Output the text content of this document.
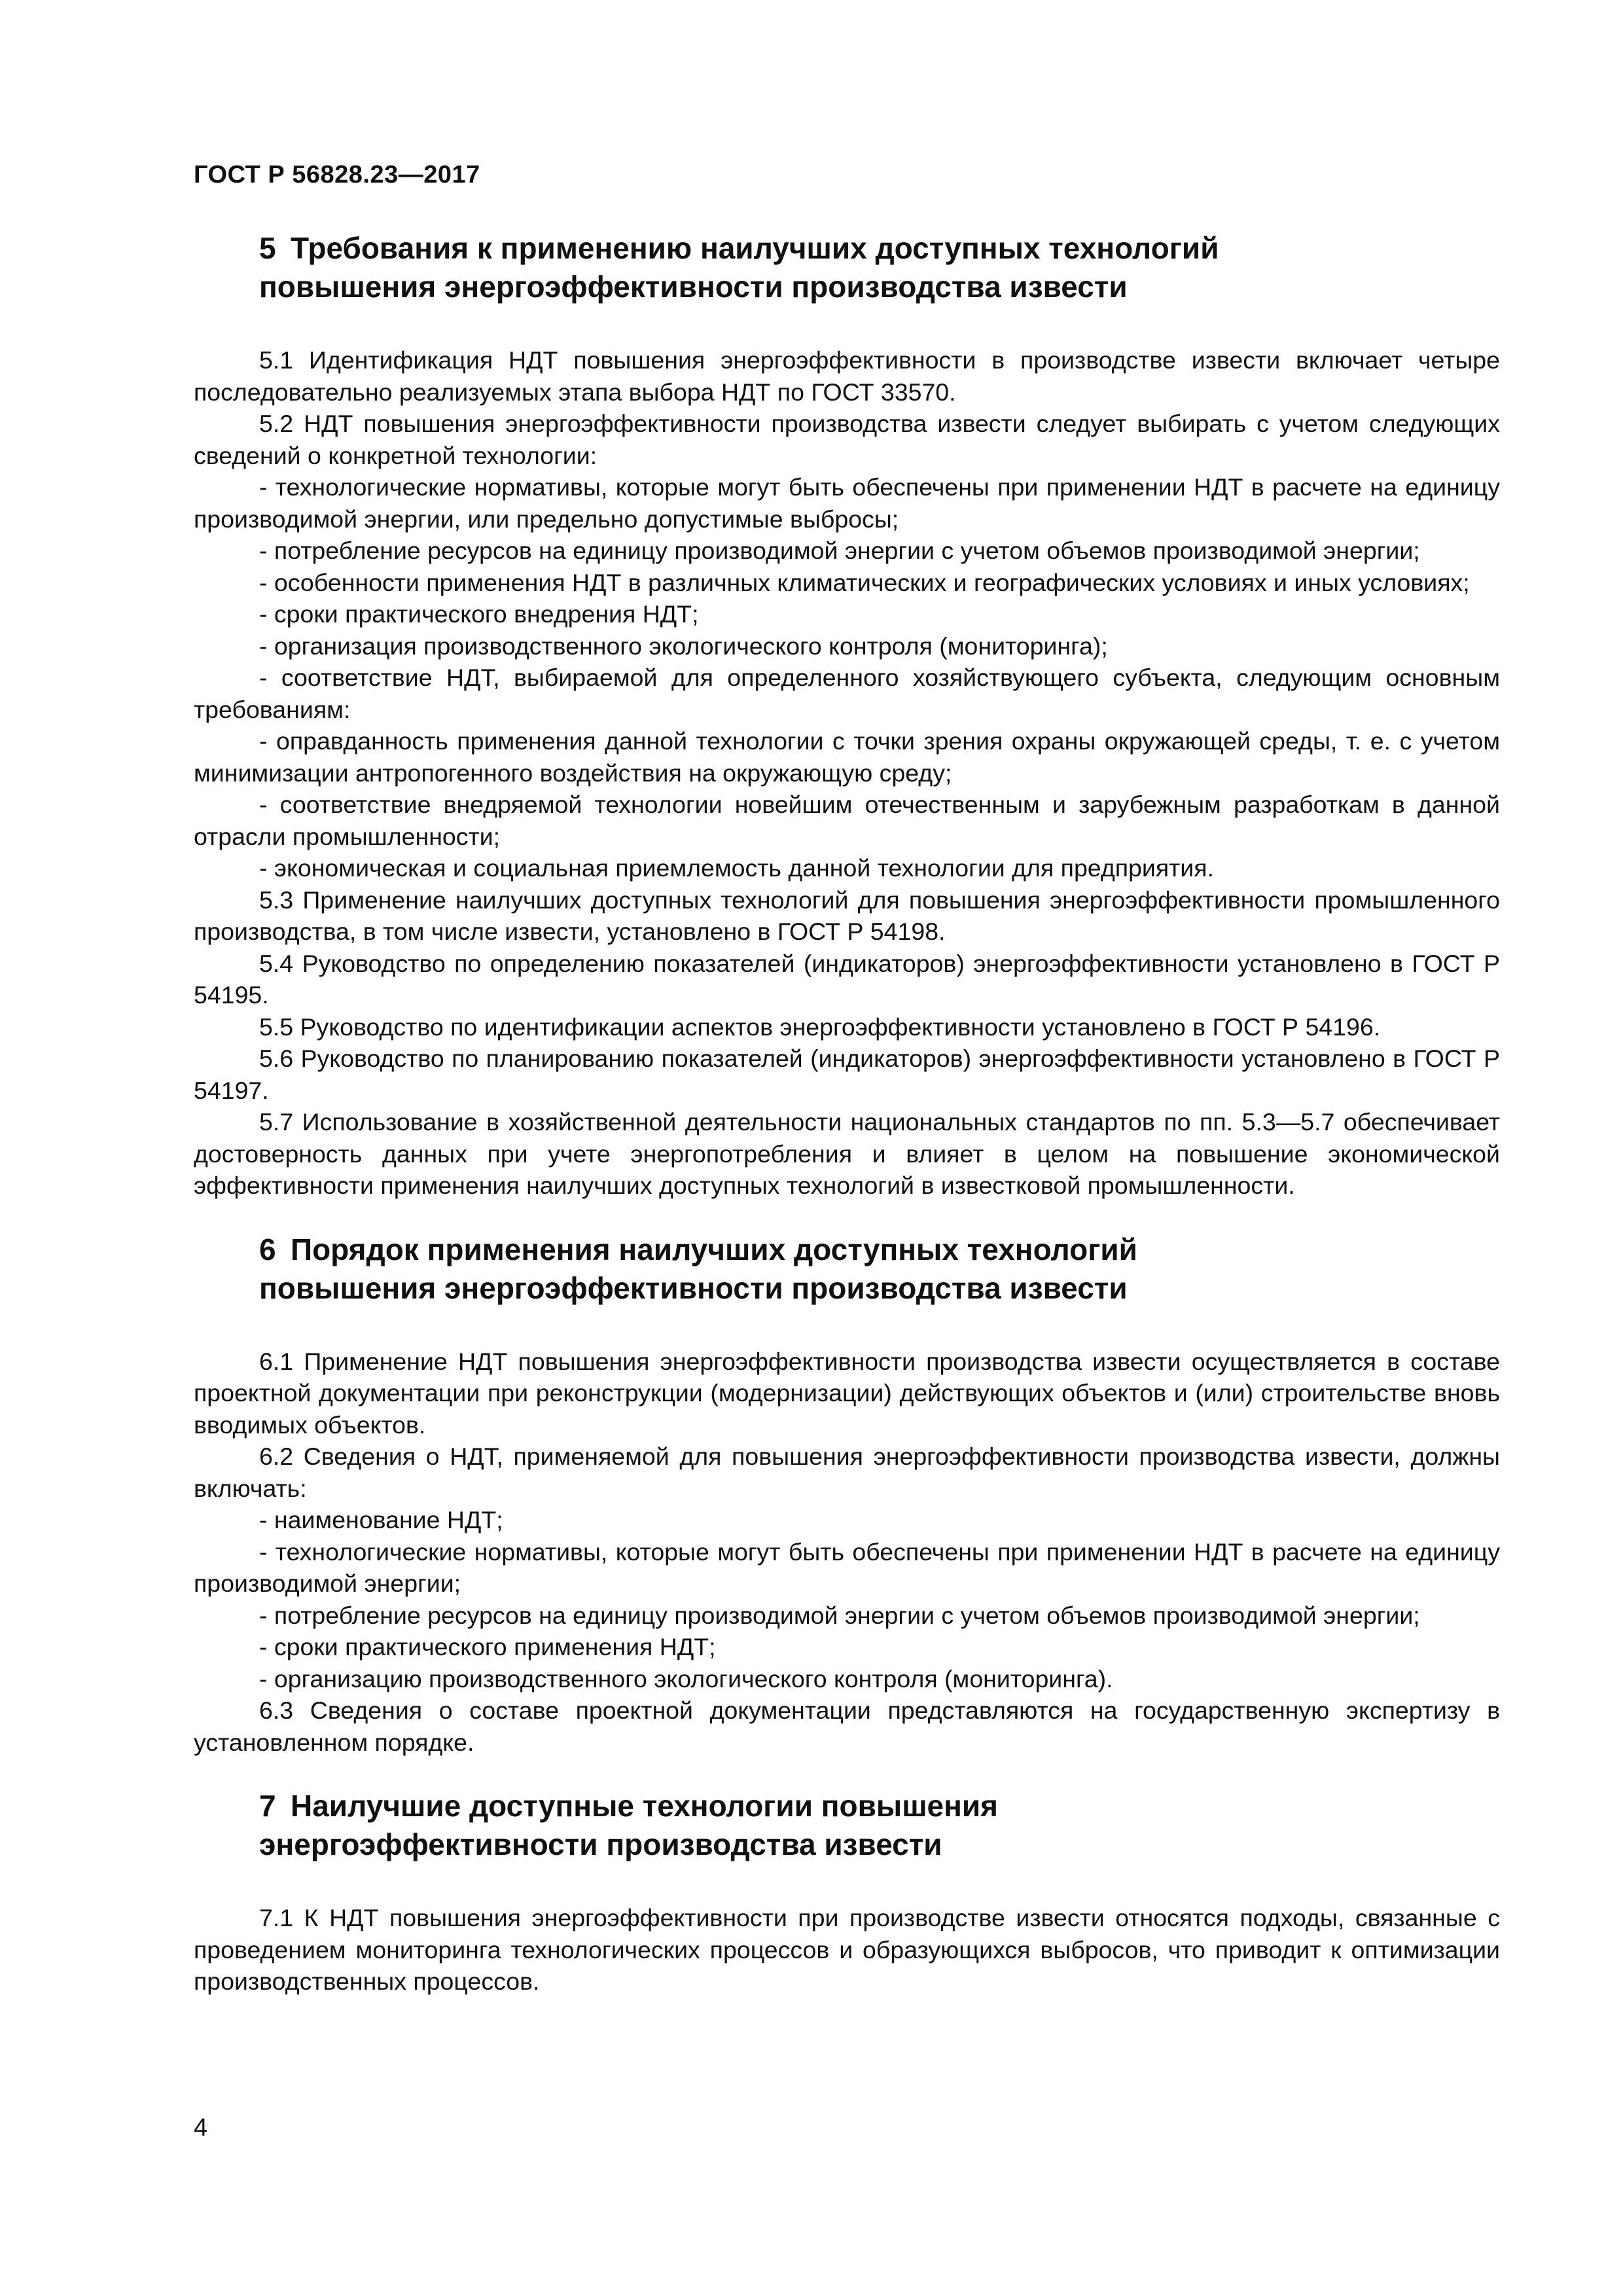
ГОСТ Р 56828.23—2017
5 Требования к применению наилучших доступных технологий
повышения энергоэффективности производства извести

5.1 Идентификация НДТ повышения энергоэффективности в производстве извести включает четыре последовательно реализуемых этапа выбора НДТ по ГОСТ 33570.

5.2 НДТ повышения энергоэффективности производства извести следует выбирать с учетом следующих сведений о конкретной технологии:

- технологические нормативы, которые могут быть обеспечены при применении НДТ в расчете на единицу производимой энергии, или предельно допустимые выбросы;

- потребление ресурсов на единицу производимой энергии с учетом объемов производимой энергии;

- особенности применения НДТ в различных климатических и географических условиях и иных условиях;

- сроки практического внедрения НДТ;

- организация производственного экологического контроля (мониторинга);

- соответствие НДТ, выбираемой для определенного хозяйствующего субъекта, следующим основным требованиям:

- оправданность применения данной технологии с точки зрения охраны окружающей среды, т. е. с учетом минимизации антропогенного воздействия на окружающую среду;

- соответствие внедряемой технологии новейшим отечественным и зарубежным разработкам в данной отрасли промышленности;

- экономическая и социальная приемлемость данной технологии для предприятия.

5.3 Применение наилучших доступных технологий для повышения энергоэффективности промышленного производства, в том числе извести, установлено в ГОСТ Р 54198.

5.4 Руководство по определению показателей (индикаторов) энергоэффективности установлено в ГОСТ Р 54195.

5.5 Руководство по идентификации аспектов энергоэффективности установлено в ГОСТ Р 54196.

5.6 Руководство по планированию показателей (индикаторов) энергоэффективности установлено в ГОСТ Р 54197.

5.7 Использование в хозяйственной деятельности национальных стандартов по пп. 5.3—5.7 обеспечивает достоверность данных при учете энергопотребления и влияет в целом на повышение экономической эффективности применения наилучших доступных технологий в известковой промышленности.

6 Порядок применения наилучших доступных технологий
повышения энергоэффективности производства извести

6.1 Применение НДТ повышения энергоэффективности производства извести осуществляется в составе проектной документации при реконструкции (модернизации) действующих объектов и (или) строительстве вновь вводимых объектов.

6.2 Сведения о НДТ, применяемой для повышения энергоэффективности производства извести, должны включать:

- наименование НДТ;

- технологические нормативы, которые могут быть обеспечены при применении НДТ в расчете на единицу производимой энергии;

- потребление ресурсов на единицу производимой энергии с учетом объемов производимой энергии;

- сроки практического применения НДТ;

- организацию производственного экологического контроля (мониторинга).

6.3 Сведения о составе проектной документации представляются на государственную экспертизу в установленном порядке.

7 Наилучшие доступные технологии повышения
энергоэффективности производства извести

7.1 К НДТ повышения энергоэффективности при производстве извести относятся подходы, связанные с проведением мониторинга технологических процессов и образующихся выбросов, что приводит к оптимизации производственных процессов.

4
